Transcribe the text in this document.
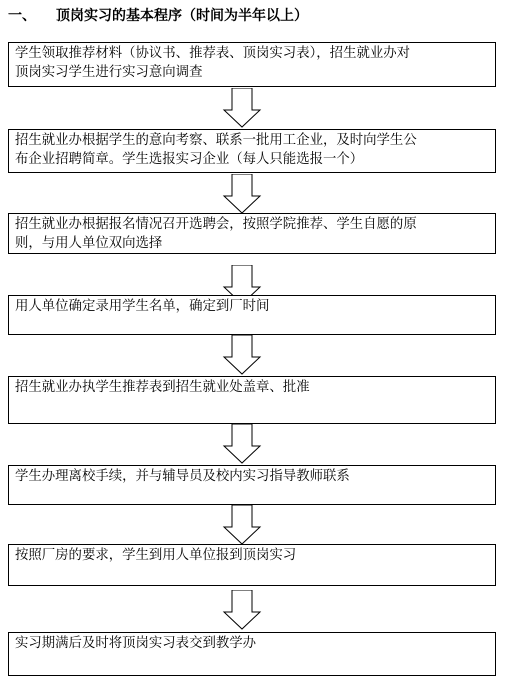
一、 顶岗实习的基本程序（时间为半年以上）

学生领取推荐材料（协议书、推荐表、顶岗实习表），招生就业办对

顶岗实习学生进行实习意向调查

招生就业办根据学生的意向考察、联系一批用工企业，及时向学生公

布企业招聘简章。学生选报实习企业（每人只能选报一个）

招生就业办根据报名情况召开选聘会，按照学院推荐、学生自愿的原

则，与用人单位双向选择

用人单位确定录用学生名单，确定到厂时间

招生就业办执学生推荐表到招生就业处盖章、批准

学生办理离校手续，并与辅导员及校内实习指导教师联系

按照厂房的要求，学生到用人单位报到顶岗实习

实习期满后及时将顶岗实习表交到教学办
